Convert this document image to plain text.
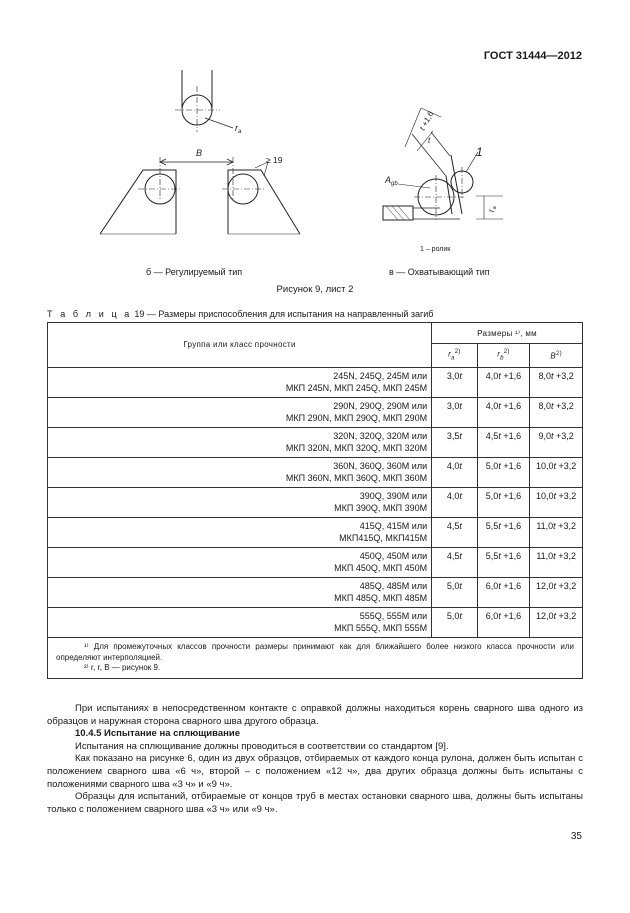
ГОСТ 31444—2012
B
$r_a$
≥ 19
t +1,6
t
1
$A_{gb}$
$r_a$
1 – ролик
б — Регулируемый тип	в — Охватывающий тип
Рисунок 9, лист 2
Т а б л и ц а 19 — Размеры приспособления для испытания на направленный загиб
Группа или класс прочности	Размеры ¹⁾, мм		
	$r_a^{2)}$	$r_b^{2)}$	$B^{2)}$

245N, 245Q, 245M или
МКП 245N, МКП 245Q, МКП 245M	3,0t	4,0t +1,6	8,0t +3,2

290N, 290Q, 290M или
МКП 290N, МКП 290Q, МКП 290M	3,0t	4,0t +1,6	8,0t +3,2

320N, 320Q, 320M или
МКП 320N, МКП 320Q, МКП 320M	3,5t	4,5t +1,6	9,0t +3,2

360N, 360Q, 360M или
МКП 360N, МКП 360Q, МКП 360M	4,0t	5,0t +1,6	10,0t +3,2

390Q, 390M или
МКП 390Q, МКП 390M	4,0t	5,0t +1,6	10,0t +3,2

415Q, 415M или
МКП415Q, МКП415M	4,5t	5,5t +1,6	11,0t +3,2

450Q, 450M или
МКП 450Q, МКП 450M	4,5t	5,5t +1,6	11,0t +3,2

485Q, 485M или
МКП 485Q, МКП 485M	5,0t	6,0t +1,6	12,0t +3,2

555Q, 555M или
МКП 555Q, МКП 555M	5,0t	6,0t +1,6	12,0t +3,2

¹⁾ Для промежуточных классов прочности размеры принимают как для ближайшего более низкого класса прочности или определяют интерполяцией.
²⁾ r, r, B — рисунок 9.			

При испытаниях в непосредственном контакте с оправкой должны находиться корень сварного шва одного из образцов и наружная сторона сварного шва другого образца.

10.4.5 Испытание на сплющивание

Испытания на сплющивание должны проводиться в соответствии со стандартом [9].

Как показано на рисунке 6, один из двух образцов, отбираемых от каждого конца рулона, должен быть испытан с положением сварного шва «6 ч», второй – с положением «12 ч», два других образца должны быть испытаны с положениями сварного шва «3 ч» и «9 ч».

Образцы для испытаний, отбираемые от концов труб в местах остановки сварного шва, должны быть испытаны только с положением сварного шва «3 ч» или «9 ч».

35
